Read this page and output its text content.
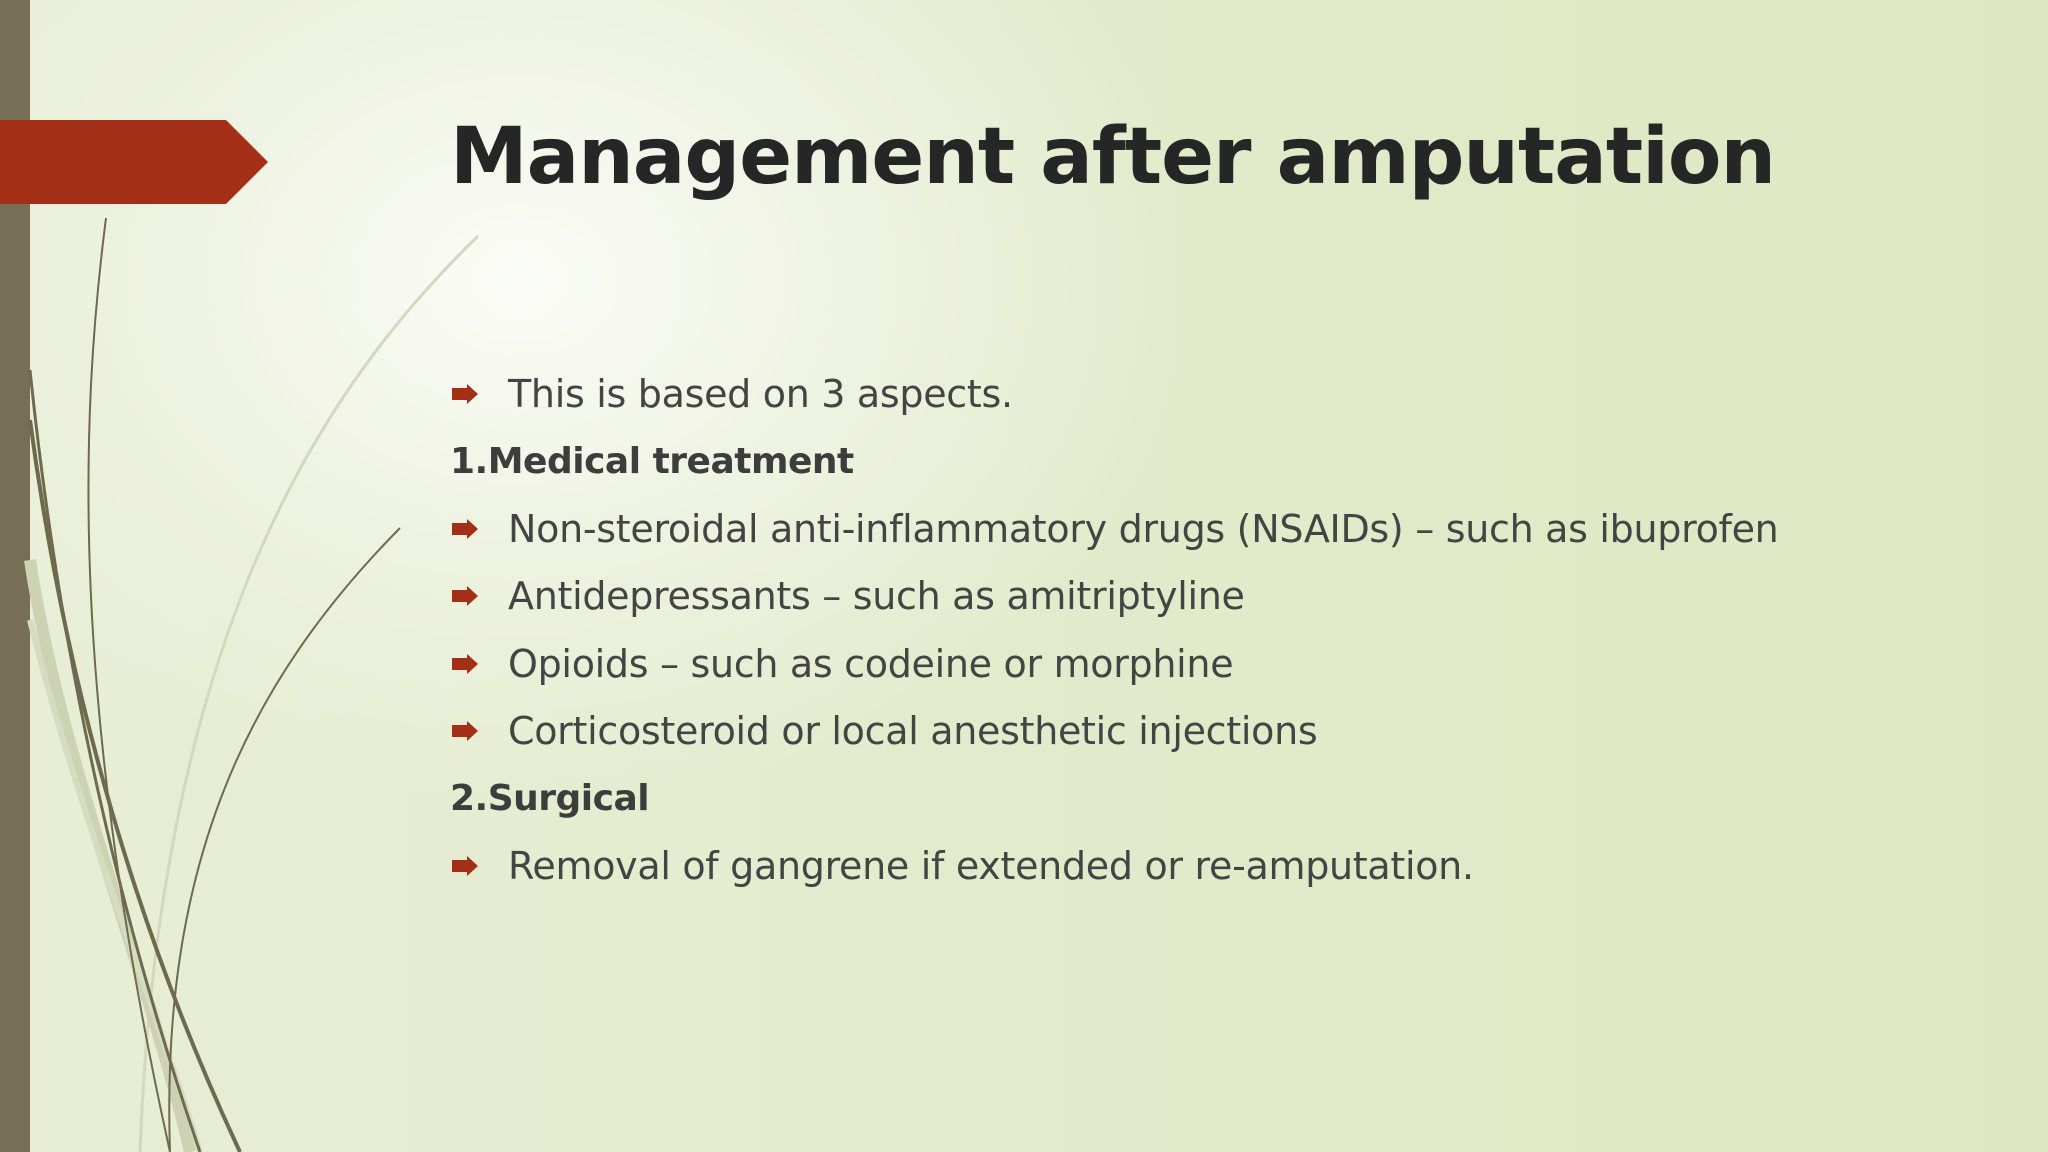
Management after amputation
This is based on 3 aspects.
1.Medical treatment
Non-steroidal anti-inflammatory drugs (NSAIDs) – such as ibuprofen
Antidepressants – such as amitriptyline
Opioids – such as codeine or morphine
Corticosteroid or local anesthetic injections
2.Surgical
Removal of gangrene if extended or re-amputation.
